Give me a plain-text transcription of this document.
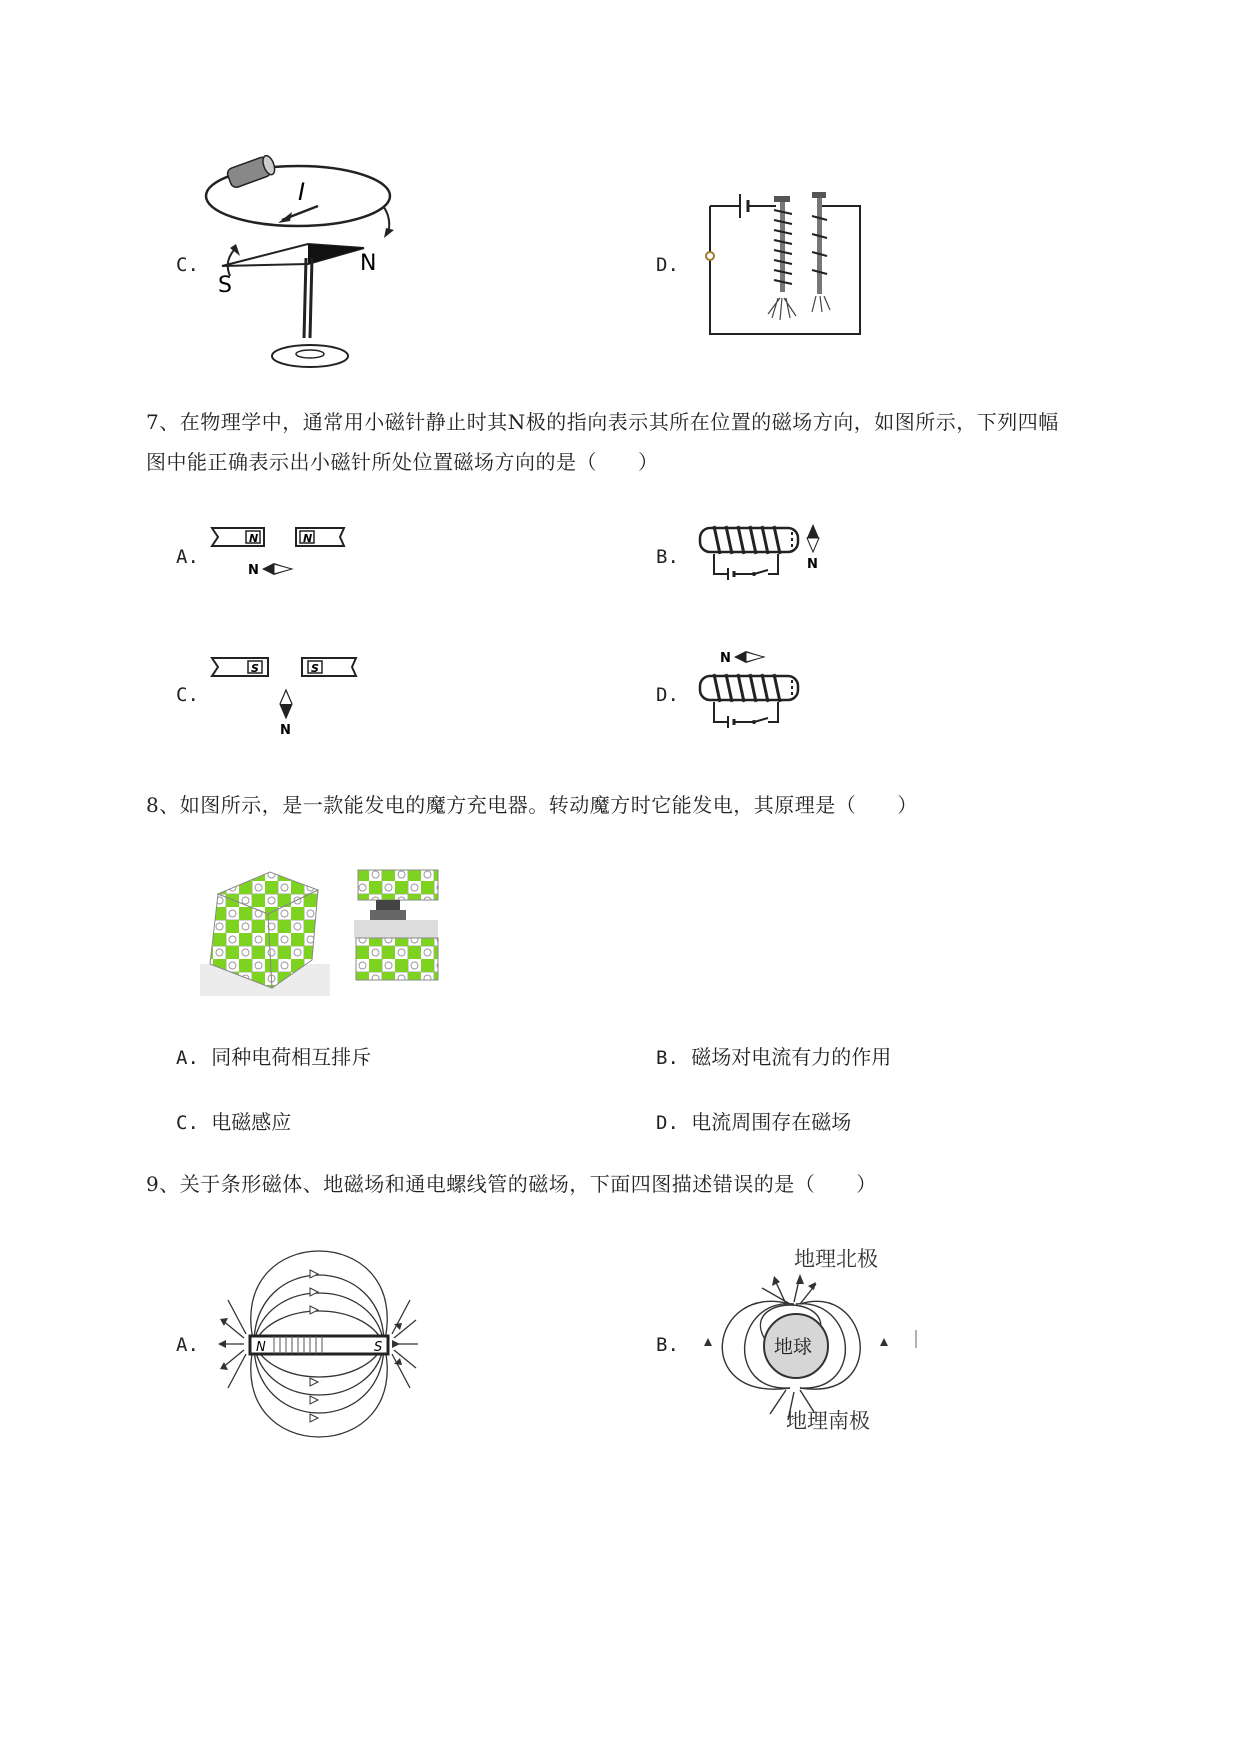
C.
I
S
N	D.
7、在物理学中，通常用小磁针静止时其N极的指向表示其所在位置的磁场方向，如图所示，下列四幅
图中能正确表示出小磁针所处位置磁场方向的是（　　）
A.
N	N
N
B.	N
C.
S	S
N
D.
N
8、如图所示，是一款能发电的魔方充电器。转动魔方时它能发电，其原理是（　　）
A. 同种电荷相互排斥	B. 磁场对电流有力的作用
C. 电磁感应	D. 电流周围存在磁场
9、关于条形磁体、地磁场和通电螺线管的磁场，下面四图描述错误的是（　　）
A.	N	S	B.
地理北极
地球
地理南极
